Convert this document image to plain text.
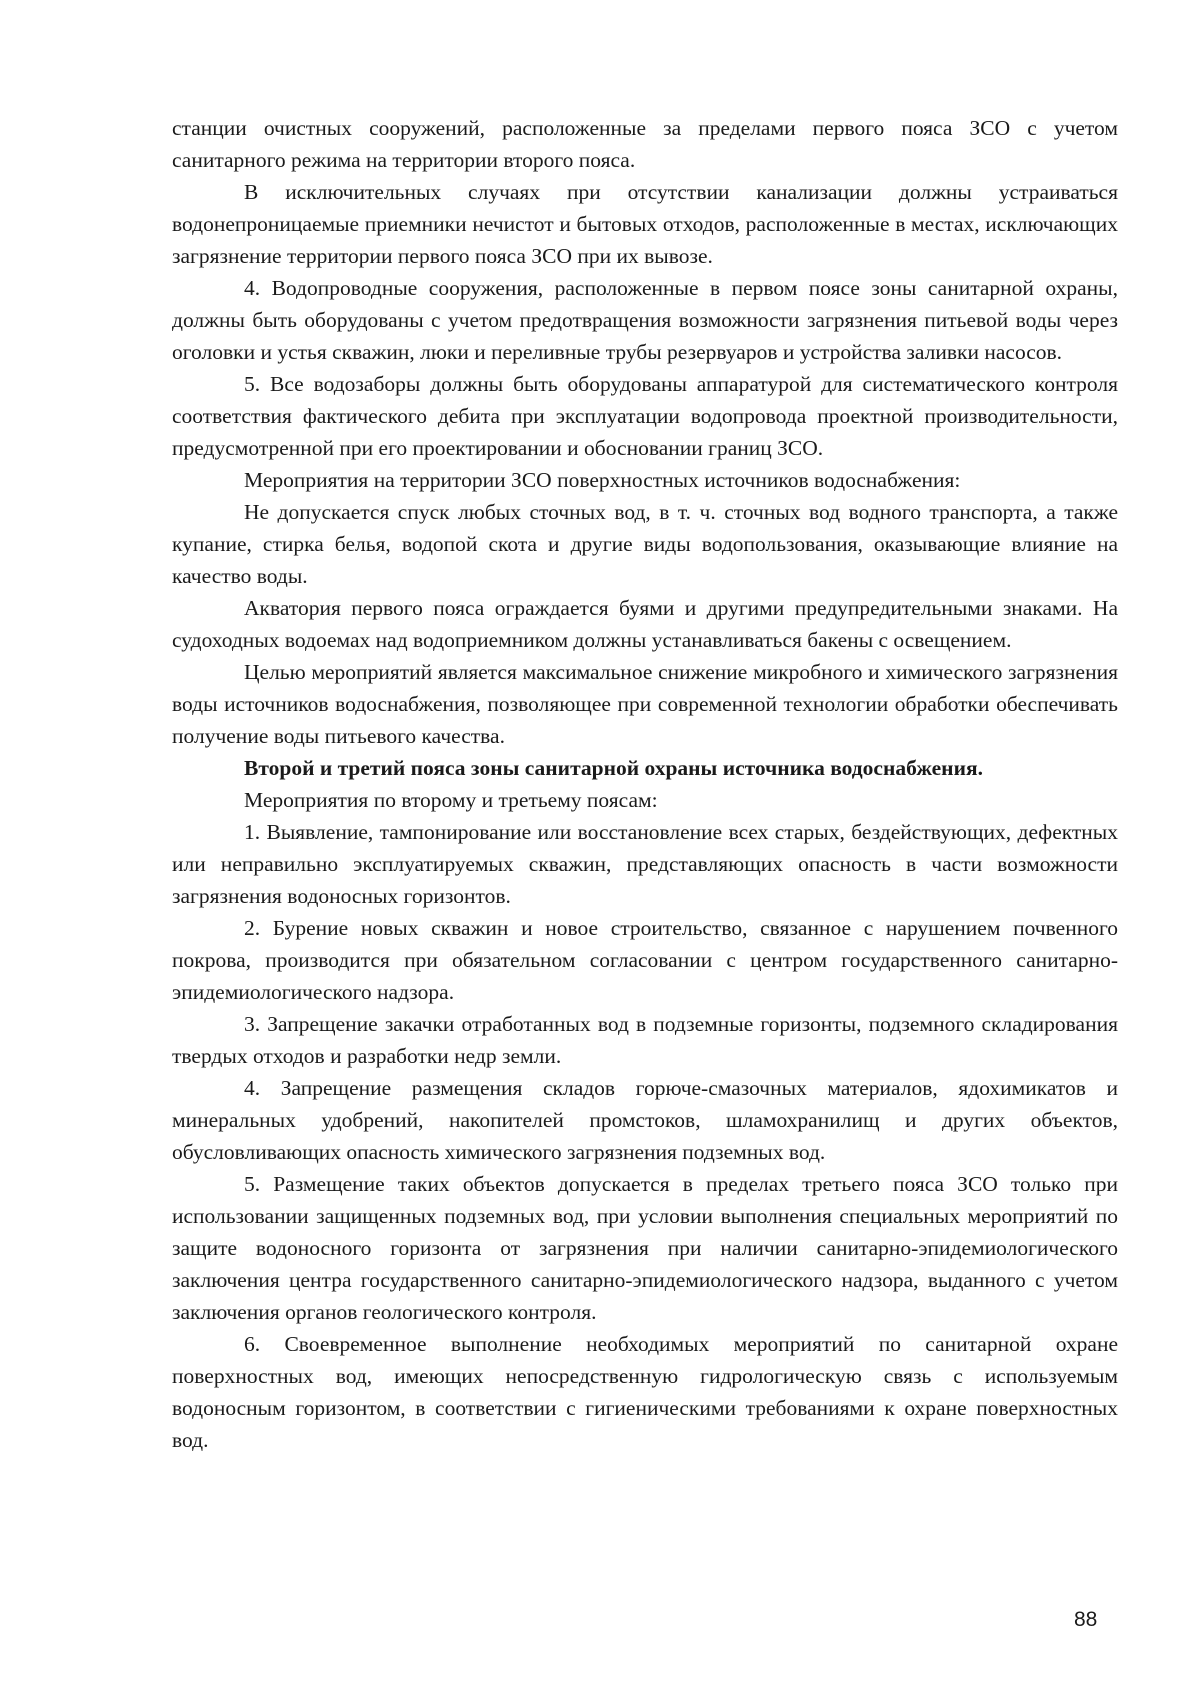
станции очистных сооружений, расположенные за пределами первого пояса ЗСО с учетом санитарного режима на территории второго пояса.

В исключительных случаях при отсутствии канализации должны устраиваться водонепроницаемые приемники нечистот и бытовых отходов, расположенные в местах, исключающих загрязнение территории первого пояса ЗСО при их вывозе.

4. Водопроводные сооружения, расположенные в первом поясе зоны санитарной охраны, должны быть оборудованы с учетом предотвращения возможности загрязнения питьевой воды через оголовки и устья скважин, люки и переливные трубы резервуаров и устройства заливки насосов.

5. Все водозаборы должны быть оборудованы аппаратурой для систематического контроля соответствия фактического дебита при эксплуатации водопровода проектной производительности, предусмотренной при его проектировании и обосновании границ ЗСО.

Мероприятия на территории ЗСО поверхностных источников водоснабжения:

Не допускается спуск любых сточных вод, в т. ч. сточных вод водного транспорта, а также купание, стирка белья, водопой скота и другие виды водопользования, оказывающие влияние на качество воды.

Акватория первого пояса ограждается буями и другими предупредительными знаками. На судоходных водоемах над водоприемником должны устанавливаться бакены с освещением.

Целью мероприятий является максимальное снижение микробного и химического загрязнения воды источников водоснабжения, позволяющее при современной технологии обработки обеспечивать получение воды питьевого качества.

Второй и третий пояса зоны санитарной охраны источника водоснабжения.

Мероприятия по второму и третьему поясам:

1. Выявление, тампонирование или восстановление всех старых, бездействующих, дефектных или неправильно эксплуатируемых скважин, представляющих опасность в части возможности загрязнения водоносных горизонтов.

2. Бурение новых скважин и новое строительство, связанное с нарушением почвенного покрова, производится при обязательном согласовании с центром государственного санитарно-эпидемиологического надзора.

3. Запрещение закачки отработанных вод в подземные горизонты, подземного складирования твердых отходов и разработки недр земли.

4. Запрещение размещения складов горюче-смазочных материалов, ядохимикатов и минеральных удобрений, накопителей промстоков, шламохранилищ и других объектов, обусловливающих опасность химического загрязнения подземных вод.

5. Размещение таких объектов допускается в пределах третьего пояса ЗСО только при использовании защищенных подземных вод, при условии выполнения специальных мероприятий по защите водоносного горизонта от загрязнения при наличии санитарно-эпидемиологического заключения центра государственного санитарно-эпидемиологического надзора, выданного с учетом заключения органов геологического контроля.

6. Своевременное выполнение необходимых мероприятий по санитарной охране поверхностных вод, имеющих непосредственную гидрологическую связь с используемым водоносным горизонтом, в соответствии с гигиеническими требованиями к охране поверхностных вод.

88
